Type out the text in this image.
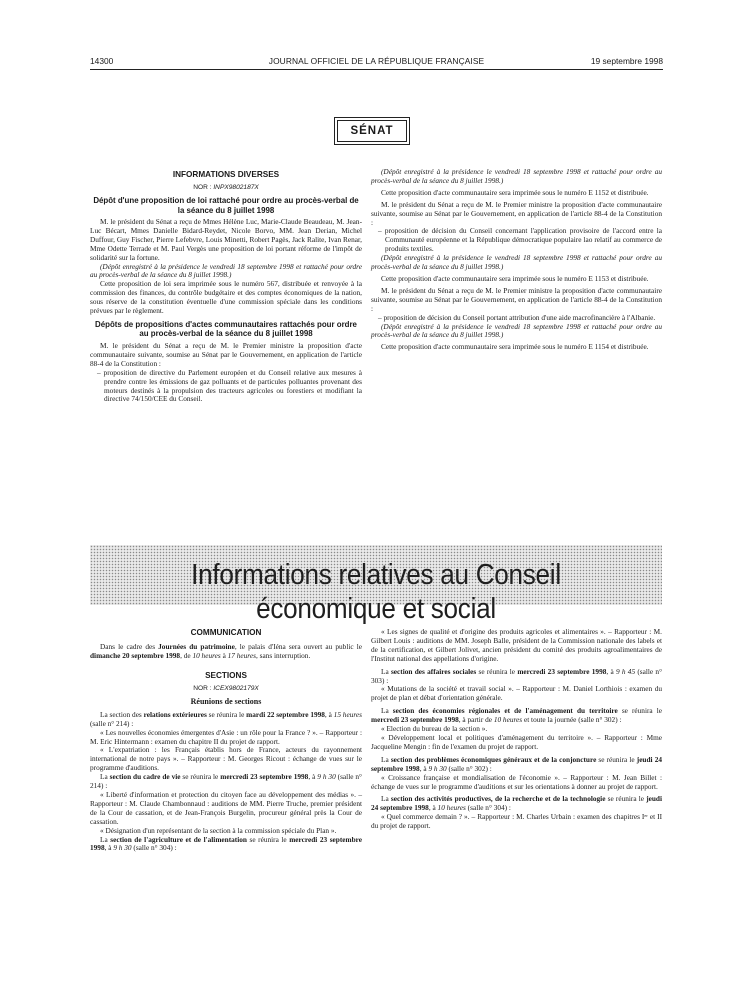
14300	JOURNAL OFFICIEL DE LA RÉPUBLIQUE FRANÇAISE	19 septembre 1998
SÉNAT
INFORMATIONS DIVERSES
NOR : INPX9802187X
Dépôt d'une proposition de loi rattaché pour ordre au procès-verbal de la séance du 8 juillet 1998

M. le président du Sénat a reçu de Mmes Hélène Luc, Marie-Claude Beaudeau, M. Jean-Luc Bécart, Mmes Danielle Bidard-Reydet, Nicole Borvo, MM. Jean Derian, Michel Duffour, Guy Fischer, Pierre Lefebvre, Louis Minetti, Robert Pagès, Jack Ralite, Ivan Renar, Mme Odette Terrade et M. Paul Vergès une proposition de loi portant réforme de l'impôt de solidarité sur la fortune.

(Dépôt enregistré à la présidence le vendredi 18 septembre 1998 et rattaché pour ordre au procès-verbal de la séance du 8 juillet 1998.)

Cette proposition de loi sera imprimée sous le numéro 567, distribuée et renvoyée à la commission des finances, du contrôle budgétaire et des comptes économiques de la nation, sous réserve de la constitution éventuelle d'une commission spéciale dans les conditions prévues par le règlement.

Dépôts de propositions d'actes communautaires rattachés pour ordre au procès-verbal de la séance du 8 juillet 1998

M. le président du Sénat a reçu de M. le Premier ministre la proposition d'acte communautaire suivante, soumise au Sénat par le Gouvernement, en application de l'article 88-4 de la Constitution :

– proposition de directive du Parlement européen et du Conseil relative aux mesures à prendre contre les émissions de gaz polluants et de particules polluantes provenant des moteurs destinés à la propulsion des tracteurs agricoles ou forestiers et modifiant la directive 74/150/CEE du Conseil.

(Dépôt enregistré à la présidence le vendredi 18 septembre 1998 et rattaché pour ordre au procès-verbal de la séance du 8 juillet 1998.)

Cette proposition d'acte communautaire sera imprimée sous le numéro E 1152 et distribuée.

M. le président du Sénat a reçu de M. le Premier ministre la proposition d'acte communautaire suivante, soumise au Sénat par le Gouvernement, en application de l'article 88-4 de la Constitution :

– proposition de décision du Conseil concernant l'application provisoire de l'accord entre la Communauté européenne et la République démocratique populaire lao relatif au commerce de produits textiles.

(Dépôt enregistré à la présidence le vendredi 18 septembre 1998 et rattaché pour ordre au procès-verbal de la séance du 8 juillet 1998.)

Cette proposition d'acte communautaire sera imprimée sous le numéro E 1153 et distribuée.

M. le président du Sénat a reçu de M. le Premier ministre la proposition d'acte communautaire suivante, soumise au Sénat par le Gouvernement, en application de l'article 88-4 de la Constitution :

– proposition de décision du Conseil portant attribution d'une aide macrofinancière à l'Albanie.

(Dépôt enregistré à la présidence le vendredi 18 septembre 1998 et rattaché pour ordre au procès-verbal de la séance du 8 juillet 1998.)

Cette proposition d'acte communautaire sera imprimée sous le numéro E 1154 et distribuée.

Informations relatives au Conseil économique et social
COMMUNICATION

Dans le cadre des Journées du patrimoine, le palais d'Iéna sera ouvert au public le dimanche 20 septembre 1998, de 10 heures à 17 heures, sans interruption.

SECTIONS
NOR : ICEX9802179X
Réunions de sections

La section des relations extérieures se réunira le mardi 22 septembre 1998, à 15 heures (salle n° 214) :

« Les nouvelles économies émergentes d'Asie : un rôle pour la France ? ». – Rapporteur : M. Eric Hintermann : examen du chapitre II du projet de rapport.

« L'expatriation : les Français établis hors de France, acteurs du rayonnement international de notre pays ». – Rapporteur : M. Georges Ricout : échange de vues sur le programme d'auditions.

La section du cadre de vie se réunira le mercredi 23 septembre 1998, à 9 h 30 (salle n° 214) :

« Liberté d'information et protection du citoyen face au développement des médias ». – Rapporteur : M. Claude Chambonnaud : auditions de MM. Pierre Truche, premier président de la Cour de cassation, et de Jean-François Burgelin, procureur général près la Cour de cassation.

« Désignation d'un représentant de la section à la commission spéciale du Plan ».

La section de l'agriculture et de l'alimentation se réunira le mercredi 23 septembre 1998, à 9 h 30 (salle n° 304) :

« Les signes de qualité et d'origine des produits agricoles et alimentaires ». – Rapporteur : M. Gilbert Louis : auditions de MM. Joseph Balle, président de la Commission nationale des labels et de la certification, et Gilbert Jolivet, ancien président du comité des produits agroalimentaires de l'Institut national des appellations d'origine.

La section des affaires sociales se réunira le mercredi 23 septembre 1998, à 9 h 45 (salle n° 303) :

« Mutations de la société et travail social ». – Rapporteur : M. Daniel Lorthiois : examen du projet de plan et débat d'orientation générale.

La section des économies régionales et de l'aménagement du territoire se réunira le mercredi 23 septembre 1998, à partir de 10 heures et toute la journée (salle n° 302) :

« Election du bureau de la section ».

« Développement local et politiques d'aménagement du territoire ». – Rapporteur : Mme Jacqueline Mengin : fin de l'examen du projet de rapport.

La section des problèmes économiques généraux et de la conjoncture se réunira le jeudi 24 septembre 1998, à 9 h 30 (salle n° 302) :

« Croissance française et mondialisation de l'économie ». – Rapporteur : M. Jean Billet : échange de vues sur le programme d'auditions et sur les orientations à donner au projet de rapport.

La section des activités productives, de la recherche et de la technologie se réunira le jeudi 24 septembre 1998, à 10 heures (salle n° 304) :

« Quel commerce demain ? ». – Rapporteur : M. Charles Urbain : examen des chapitres Iᵉʳ et II du projet de rapport.
